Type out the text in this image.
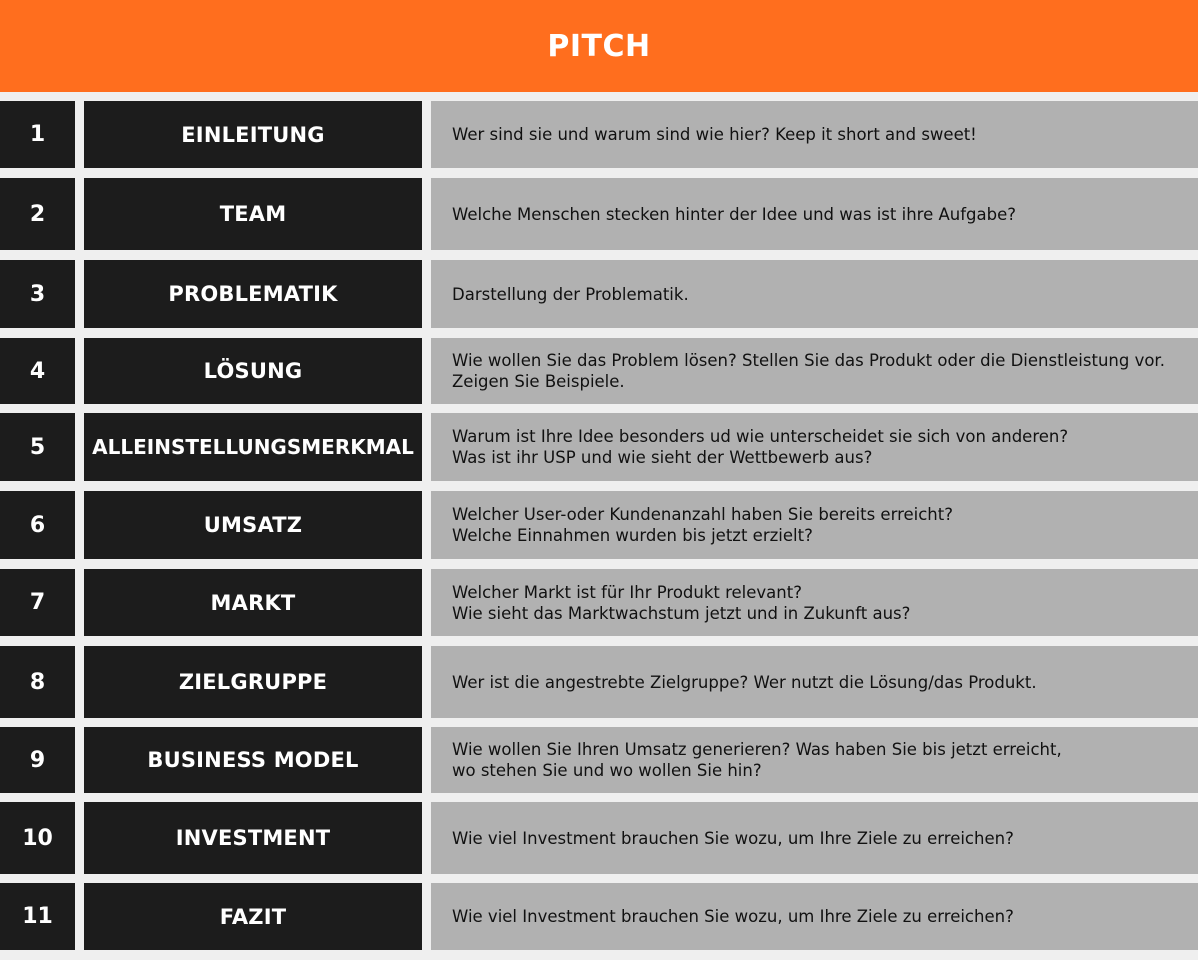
PITCH
1	EINLEITUNG	Wer sind sie und warum sind wie hier? Keep it short and sweet!
2	TEAM	Welche Menschen stecken hinter der Idee und was ist ihre Aufgabe?
3	PROBLEMATIK	Darstellung der Problematik.
4	LÖSUNG	Wie wollen Sie das Problem lösen? Stellen Sie das Produkt oder die Dienstleistung vor.
Zeigen Sie Beispiele.
5	ALLEINSTELLUNGSMERKMAL	Warum ist Ihre Idee besonders ud wie unterscheidet sie sich von anderen?
Was ist ihr USP und wie sieht der Wettbewerb aus?
6	UMSATZ	Welcher User-oder Kundenanzahl haben Sie bereits erreicht?
Welche Einnahmen wurden bis jetzt erzielt?
7	MARKT	Welcher Markt ist für Ihr Produkt relevant?
Wie sieht das Marktwachstum jetzt und in Zukunft aus?
8	ZIELGRUPPE	Wer ist die angestrebte Zielgruppe? Wer nutzt die Lösung/das Produkt.
9	BUSINESS MODEL	Wie wollen Sie Ihren Umsatz generieren? Was haben Sie bis jetzt erreicht,
wo stehen Sie und wo wollen Sie hin?
10	INVESTMENT	Wie viel Investment brauchen Sie wozu, um Ihre Ziele zu erreichen?
11	FAZIT	Wie viel Investment brauchen Sie wozu, um Ihre Ziele zu erreichen?
